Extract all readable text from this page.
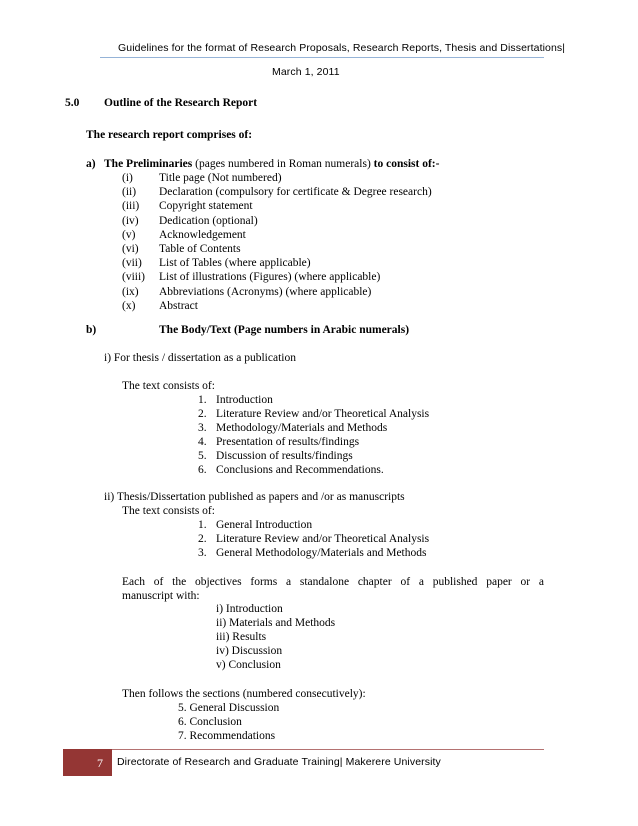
Guidelines for the format of Research Proposals, Research Reports, Thesis and Dissertations|
March 1, 2011
5.0 Outline of the Research Report
The research report comprises of:
a) The Preliminaries (pages numbered in Roman numerals) to consist of:-
(i) Title page (Not numbered)
(ii) Declaration (compulsory for certificate & Degree research)
(iii) Copyright statement
(iv) Dedication (optional)
(v) Acknowledgement
(vi) Table of Contents
(vii) List of Tables (where applicable)
(viii) List of illustrations (Figures) (where applicable)
(ix) Abbreviations (Acronyms) (where applicable)
(x) Abstract
b)	The Body/Text (Page numbers in Arabic numerals)
i) For thesis / dissertation as a publication
The text consists of:
1. Introduction
2. Literature Review and/or Theoretical Analysis
3. Methodology/Materials and Methods
4. Presentation of results/findings
5. Discussion of results/findings
6. Conclusions and Recommendations.
ii) Thesis/Dissertation published as papers and /or as manuscripts
The text consists of:
1. General Introduction
2. Literature Review and/or Theoretical Analysis
3. General Methodology/Materials and Methods
Each of the objectives forms a standalone chapter of a published paper or a
manuscript with:
i) Introduction
ii) Materials and Methods
iii) Results
iv) Discussion
v) Conclusion
Then follows the sections (numbered consecutively):
5. General Discussion
6. Conclusion
7. Recommendations
7 Directorate of Research and Graduate Training| Makerere University
